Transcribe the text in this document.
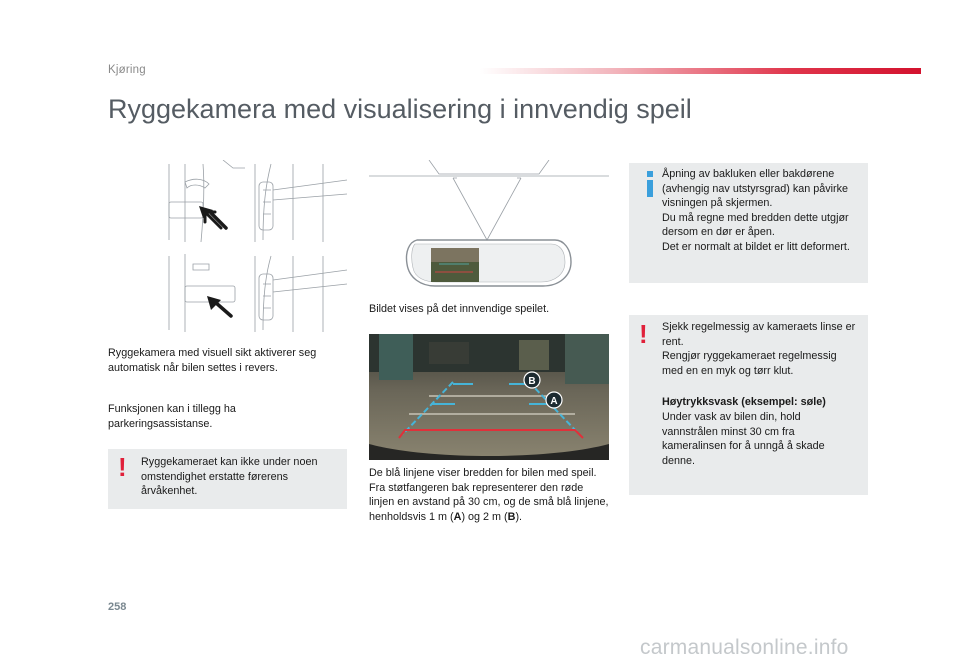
Kjøring
Ryggekamera med visualisering i innvendig speil
Ryggekamera med visuell sikt aktiverer seg automatisk når bilen settes i revers.
Funksjonen kan i tillegg ha parkeringsassistanse.
! Ryggekameraet kan ikke under noen omstendighet erstatte førerens årvåkenhet.
Bildet vises på det innvendige speilet.
B
A
De blå linjene viser bredden for bilen med speil. Fra støtfangeren bak representerer den røde linjen en avstand på 30 cm, og de små blå linjene, henholdsvis 1 m (A) og 2 m (B).
Åpning av bakluken eller bakdørene (avhengig nav utstyrsgrad) kan påvirke visningen på skjermen.
Du må regne med bredden dette utgjør dersom en dør er åpen.
Det er normalt at bildet er litt deformert.
! Sjekk regelmessig av kameraets linse er rent.
Rengjør ryggekameraet regelmessig med en en myk og tørr klut.
Høytrykksvask (eksempel: søle)
Under vask av bilen din, hold vannstrålen minst 30 cm fra kameralinsen for å unngå å skade denne.
258
carmanualsonline.info
